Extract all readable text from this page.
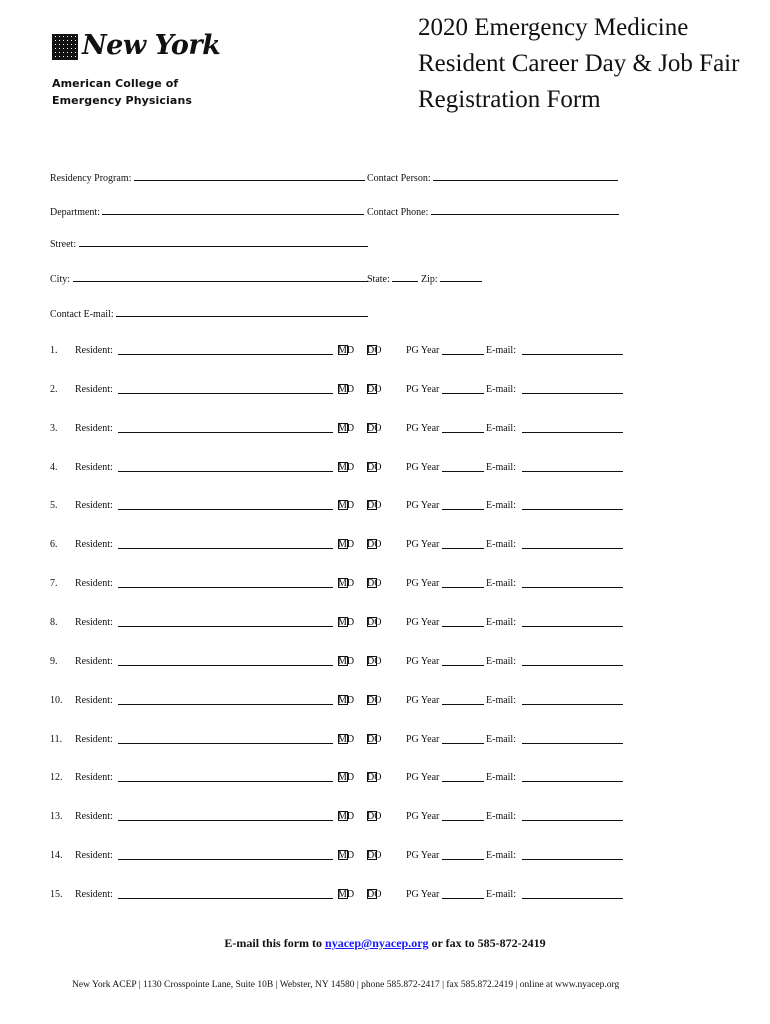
New York
American College of
Emergency Physicians
2020 Emergency Medicine
Resident Career Day & Job Fair
Registration Form
Residency Program:	Contact Person:
Department:	Contact Phone:
Street:
City:	State:	Zip:
Contact E-mail:
1. Resident:	MD DO PG Year	E-mail:
2. Resident:	MD DO PG Year	E-mail:
3. Resident:	MD DO PG Year	E-mail:
4. Resident:	MD DO PG Year	E-mail:
5. Resident:	MD DO PG Year	E-mail:
6. Resident:	MD DO PG Year	E-mail:
7. Resident:	MD DO PG Year	E-mail:
8. Resident:	MD DO PG Year	E-mail:
9. Resident:	MD DO PG Year	E-mail:
10. Resident:	MD DO PG Year	E-mail:
11. Resident:	MD DO PG Year	E-mail:
12. Resident:	MD DO PG Year	E-mail:
13. Resident:	MD DO PG Year	E-mail:
14. Resident:	MD DO PG Year	E-mail:
15. Resident:	MD DO PG Year	E-mail:
E-mail this form to nyacep@nyacep.org or fax to 585-872-2419
New York ACEP | 1130 Crosspointe Lane, Suite 10B | Webster, NY 14580 | phone 585.872-2417 | fax 585.872.2419 | online at www.nyacep.org
